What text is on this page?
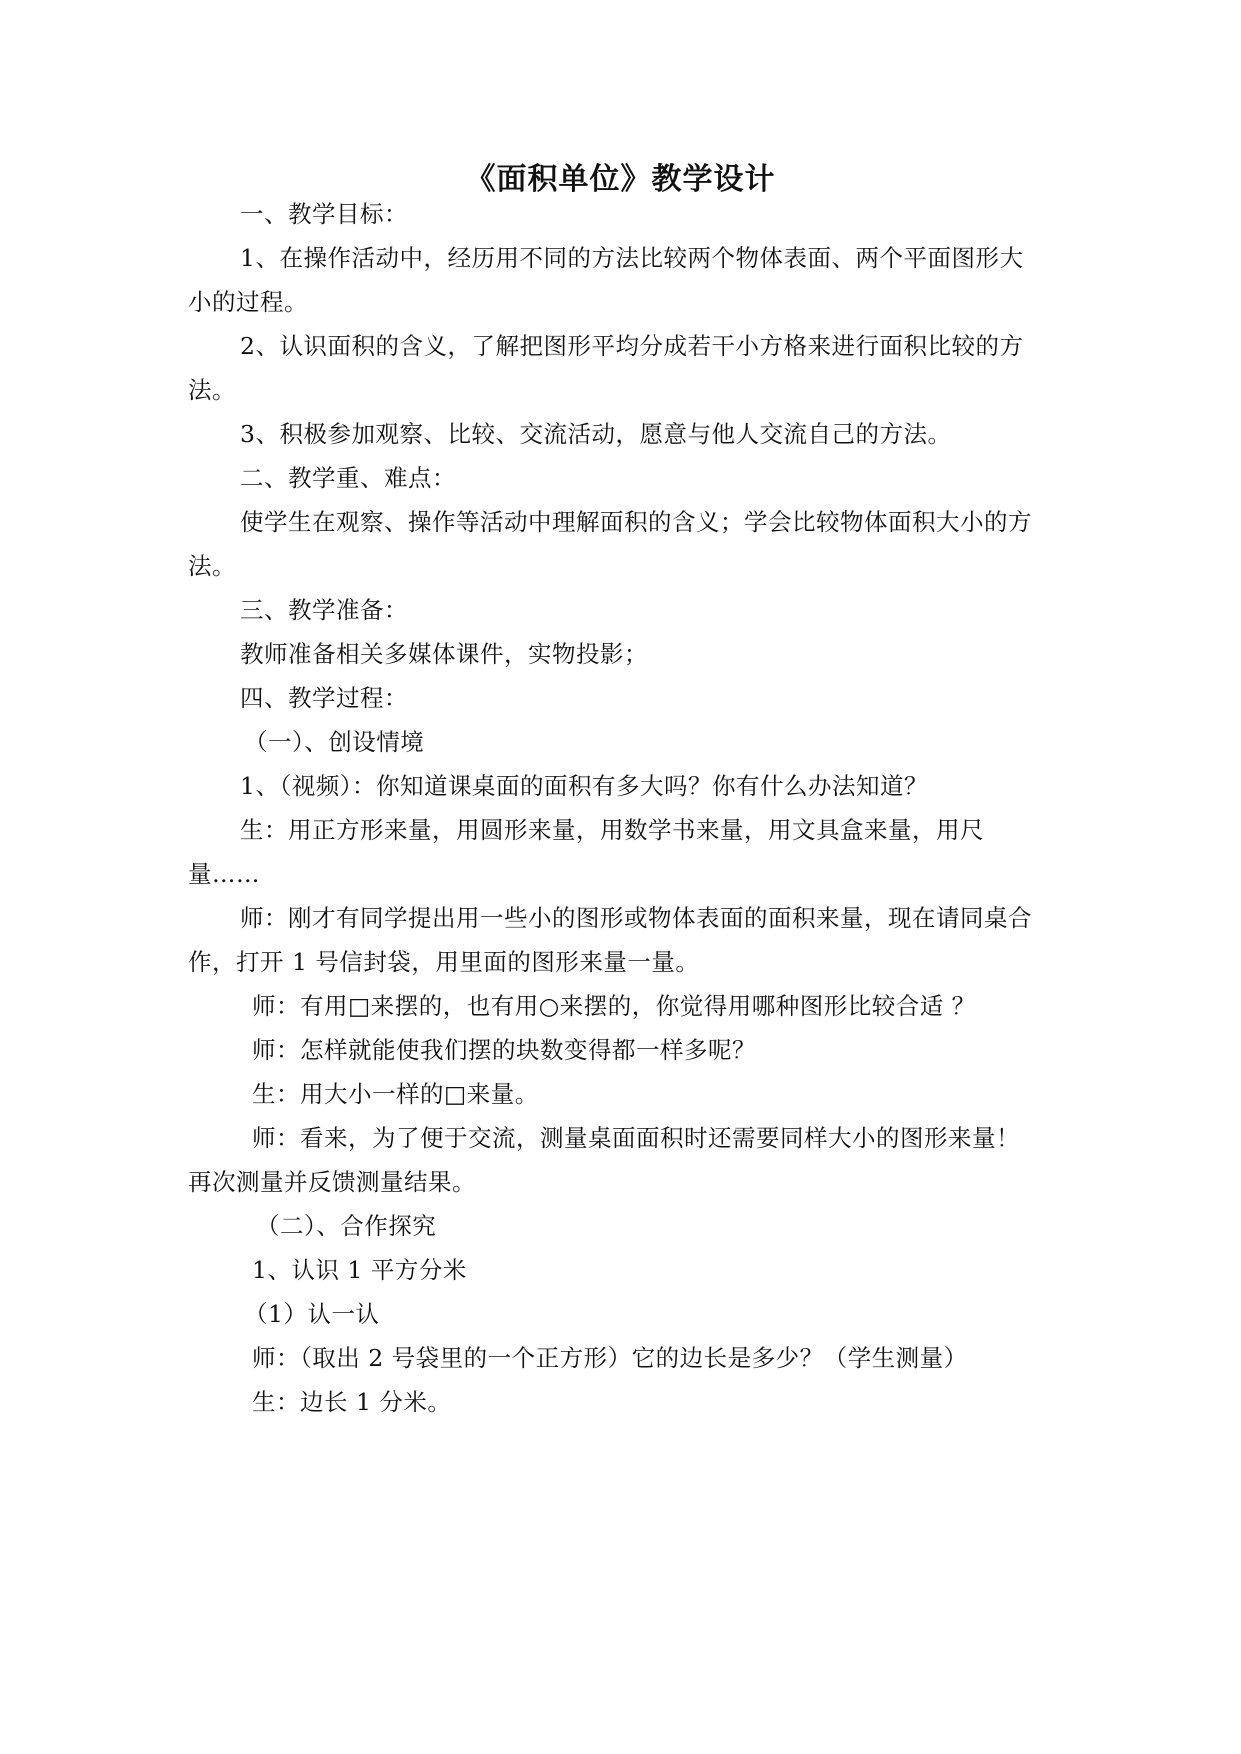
《面积单位》教学设计
一、教学目标：
1、在操作活动中，经历用不同的方法比较两个物体表面、两个平面图形大
小的过程。
2、认识面积的含义，了解把图形平均分成若干小方格来进行面积比较的方
法。
3、积极参加观察、比较、交流活动，愿意与他人交流自己的方法。
二、教学重、难点：
使学生在观察、操作等活动中理解面积的含义；学会比较物体面积大小的方
法。
三、教学准备：
教师准备相关多媒体课件，实物投影；
四、教学过程：
（一）、创设情境
1、（视频）：你知道课桌面的面积有多大吗？你有什么办法知道？
生：用正方形来量，用圆形来量，用数学书来量，用文具盒来量，用尺
量……
师：刚才有同学提出用一些小的图形或物体表面的面积来量，现在请同桌合
作，打开 1 号信封袋，用里面的图形来量一量。
师：有用□来摆的，也有用○来摆的，你觉得用哪种图形比较合适 ？
师：怎样就能使我们摆的块数变得都一样多呢？
生：用大小一样的□来量。
师：看来，为了便于交流，测量桌面面积时还需要同样大小的图形来量！
再次测量并反馈测量结果。
（二）、合作探究
1、认识 1 平方分米
（1）认一认
师：（取出 2 号袋里的一个正方形）它的边长是多少？（学生测量）
生：边长 1 分米。
